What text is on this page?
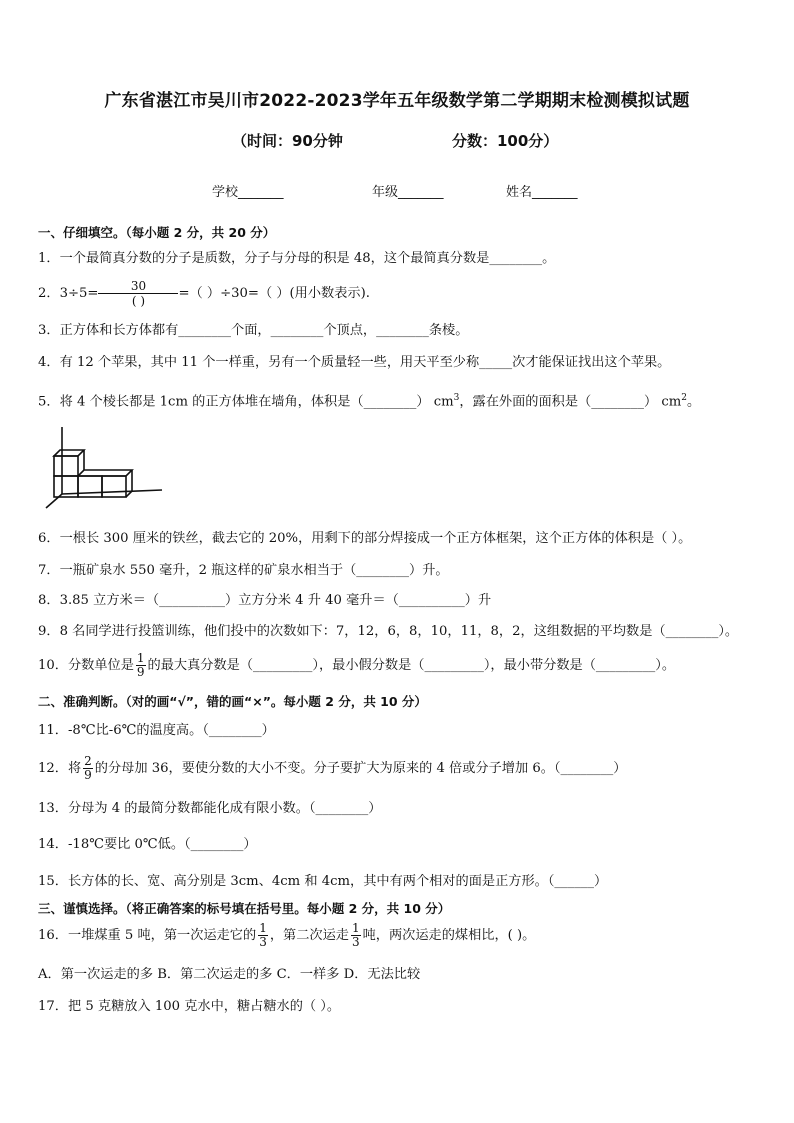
广东省湛江市吴川市2022-2023学年五年级数学第二学期期末检测模拟试题
（时间：90分钟	分数：100分）
学校_______	年级_______	姓名_______
一、仔细填空。（每小题 2 分，共 20 分）
1．一个最简真分数的分子是质数，分子与分母的积是 48，这个最简真分数是________。
2．3÷5=	30
( )	=（ ）÷30=（ ）(用小数表示).
3．正方体和长方体都有________个面，________个顶点，________条棱。
4．有 12 个苹果，其中 11 个一样重，另有一个质量轻一些，用天平至少称_____次才能保证找出这个苹果。
5．将 4 个棱长都是 1cm 的正方体堆在墙角，体积是（________） $cm^3$，露在外面的面积是（________） $cm^2$。
6．一根长 300 厘米的铁丝，截去它的 20%，用剩下的部分焊接成一个正方体框架，这个正方体的体积是（ ）。
7．一瓶矿泉水 550 毫升，2 瓶这样的矿泉水相当于（________）升。
8．3.85 立方米＝（__________）立方分米 4 升 40 毫升＝（__________）升
9．8 名同学进行投篮训练，他们投中的次数如下：7，12，6，8，10，11，8，2，这组数据的平均数是（________）。
10．分数单位是 $\frac{1}{9}$ 的最大真分数是（_________），最小假分数是（_________），最小带分数是（_________）。
二、准确判断。（对的画“√”，错的画“×”。每小题 2 分，共 10 分）
11．-8℃比-6℃的温度高。（________）
12．将 $\frac{2}{9}$ 的分母加 36，要使分数的大小不变。分子要扩大为原来的 4 倍或分子增加 6。（________）
13．分母为 4 的最简分数都能化成有限小数。（________）
14．-18℃要比 0℃低。（________）
15．长方体的长、宽、高分别是 3cm、4cm 和 4cm，其中有两个相对的面是正方形。（______）
三、谨慎选择。（将正确答案的标号填在括号里。每小题 2 分，共 10 分）
16．一堆煤重 5 吨，第一次运走它的 $\frac{1}{3}$ ，第二次运走 $\frac{1}{3}$ 吨，两次运走的煤相比，( )。
A．第一次运走的多 B．第二次运走的多 C．一样多 D．无法比较
17．把 5 克糖放入 100 克水中，糖占糖水的（ ）。
